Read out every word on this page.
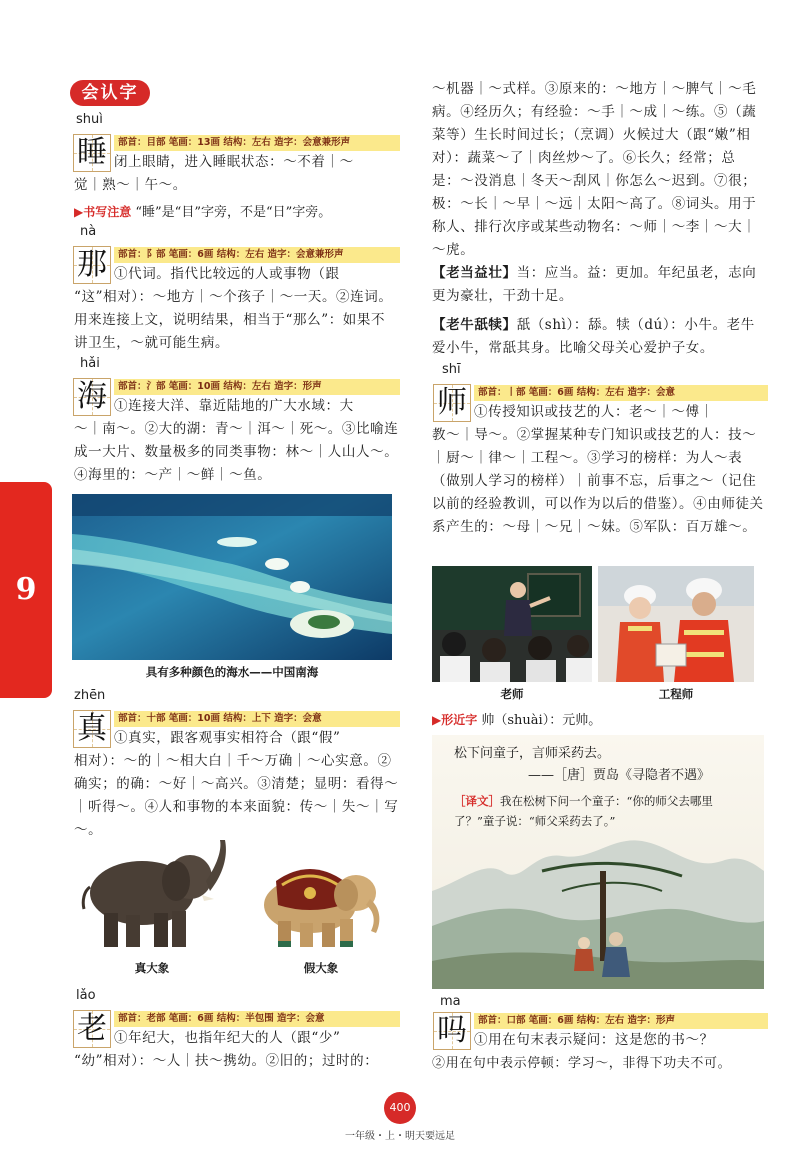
会认字
9
shuì
睡	部首：目部 笔画：13画 结构：左右 造字：会意兼形声
闭上眼睛，进入睡眠状态：～不着｜～
觉｜熟～｜午～。
▶书写注意 “睡”是“目”字旁，不是“日”字旁。
nà
那	部首：阝部 笔画：6画 结构：左右 造字：会意兼形声
①代词。指代比较远的人或事物（跟
“这”相对）：～地方｜～个孩子｜～一天。②连词。用来连接上文，说明结果，相当于“那么”：如果不讲卫生，～就可能生病。
hǎi
海	部首：氵部 笔画：10画 结构：左右 造字：形声
①连接大洋、靠近陆地的广大水域：大
～｜南～。②大的湖：青～｜洱～｜死～。③比喻连成一大片、数量极多的同类事物：林～｜人山人～。④海里的：～产｜～鲜｜～鱼。
具有多种颜色的海水——中国南海
zhēn
真	部首：十部 笔画：10画 结构：上下 造字：会意
①真实，跟客观事实相符合（跟“假”
相对）：～的｜～相大白｜千～万确｜～心实意。②确实；的确：～好｜～高兴。③清楚；显明：看得～｜听得～。④人和事物的本来面貌：传～｜失～｜写～。
真大象	假大象
lǎo
老	部首：老部 笔画：6画 结构：半包围 造字：会意
①年纪大，也指年纪大的人（跟“少”
“幼”相对）：～人｜扶～携幼。②旧的；过时的：
～机器｜～式样。③原来的：～地方｜～脾气｜～毛病。④经历久；有经验：～手｜～成｜～练。⑤（蔬菜等）生长时间过长；（烹调）火候过大（跟“嫩”相对）：蔬菜～了｜肉丝炒～了。⑥长久；经常；总是：～没消息｜冬天～刮风｜你怎么～迟到。⑦很；极：～长｜～早｜～远｜太阳～高了。⑧词头。用于称人、排行次序或某些动物名：～师｜～李｜～大｜～虎。
【老当益壮】当：应当。益：更加。年纪虽老，志向更为豪壮，干劲十足。
【老牛舐犊】舐（shì）：舔。犊（dú）：小牛。老牛爱小牛，常舐其身。比喻父母关心爱护子女。
shī
师	部首：丨部 笔画：6画 结构：左右 造字：会意
①传授知识或技艺的人：老～｜～傅｜
教～｜导～。②掌握某种专门知识或技艺的人：技～｜厨～｜律～｜工程～。③学习的榜样：为人～表（做别人学习的榜样）｜前事不忘，后事之～（记住以前的经验教训，可以作为以后的借鉴）。④由师徒关系产生的：～母｜～兄｜～妹。⑤军队：百万雄～。
老师	工程师
▶形近字 帅（shuài）：元帅。
松下问童子，言师采药去。
——［唐］贾岛《寻隐者不遇》
［译文］我在松树下问一个童子：“你的师父去哪里了？”童子说：“师父采药去了。”
ma
吗	部首：口部 笔画：6画 结构：左右 造字：形声
①用在句末表示疑问：这是您的书～？
②用在句中表示停顿：学习～，非得下功夫不可。
400
一年级・上・明天要远足
